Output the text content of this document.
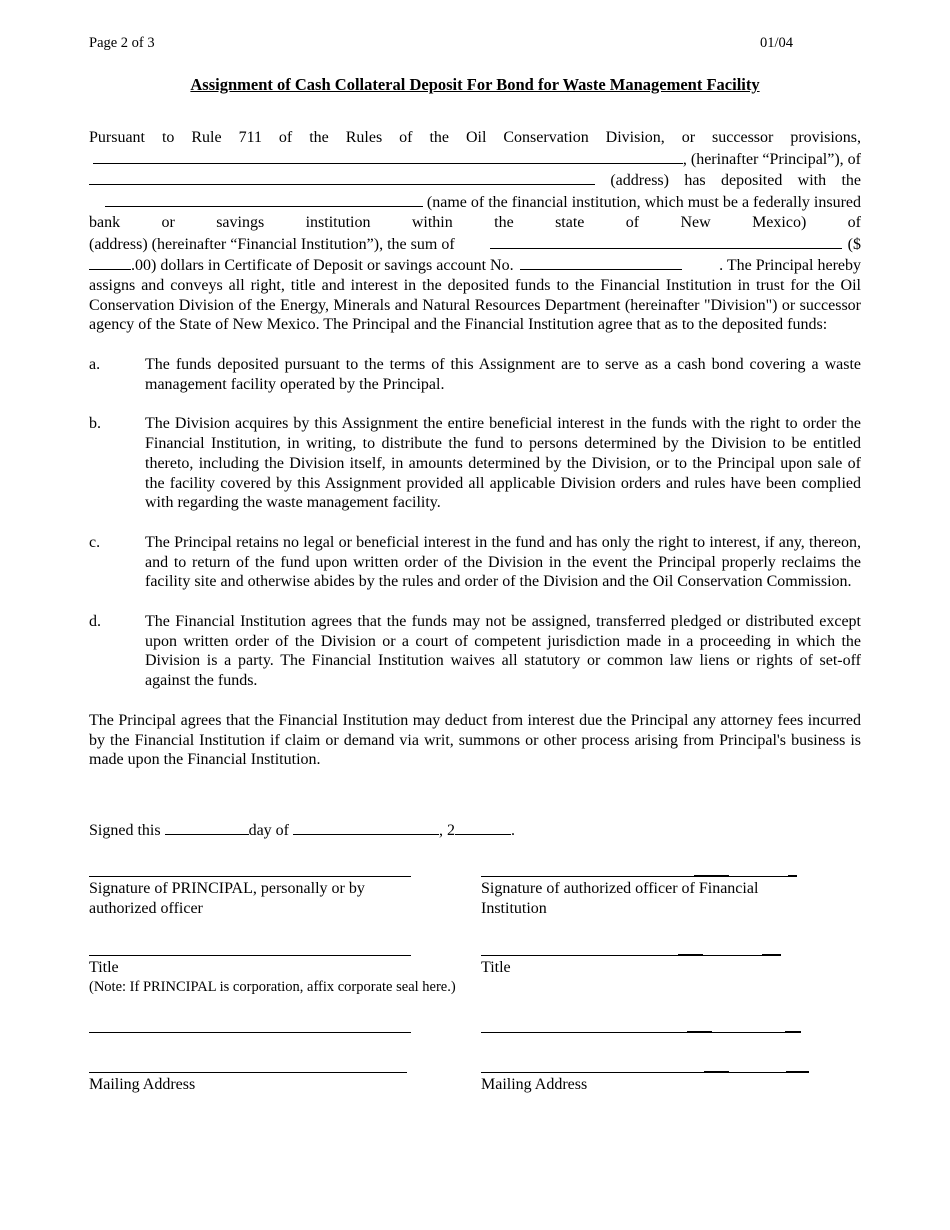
Page 2 of 3	01/04
Assignment of Cash Collateral Deposit For Bond for Waste Management Facility
Pursuant to Rule 711 of the Rules of the Oil Conservation Division, or successor provisions,
, (herinafter “Principal”), of
(address) has deposited with the
(name of the financial institution, which must be a federally insured
bank or savings institution within the state of New Mexico) of
(address) (hereinafter “Financial Institution”), the sum of	($
.00) dollars in Certificate of Deposit or savings account No.	. The Principal hereby

assigns and conveys all right, title and interest in the deposited funds to the Financial Institution in trust for the Oil Conservation Division of the Energy, Minerals and Natural Resources Department (hereinafter "Division") or successor agency of the State of New Mexico. The Principal and the Financial Institution agree that as to the deposited funds:

a.	The funds deposited pursuant to the terms of this Assignment are to serve as a cash bond covering a waste management facility operated by the Principal.
b.	The Division acquires by this Assignment the entire beneficial interest in the funds with the right to order the Financial Institution, in writing, to distribute the fund to persons determined by the Division to be entitled thereto, including the Division itself, in amounts determined by the Division, or to the Principal upon sale of the facility covered by this Assignment provided all applicable Division orders and rules have been complied with regarding the waste management facility.
c.	The Principal retains no legal or beneficial interest in the fund and has only the right to interest, if any, thereon, and to return of the fund upon written order of the Division in the event the Principal properly reclaims the facility site and otherwise abides by the rules and order of the Division and the Oil Conservation Commission.
d.	The Financial Institution agrees that the funds may not be assigned, transferred pledged or distributed except upon written order of the Division or a court of competent jurisdiction made in a proceeding in which the Division is a party. The Financial Institution waives all statutory or common law liens or rights of set-off against the funds.

The Principal agrees that the Financial Institution may deduct from interest due the Principal any attorney fees incurred by the Financial Institution if claim or demand via writ, summons or other process arising from Principal's business is made upon the Financial Institution.

Signed this	day of	, 2	.
Signature of PRINCIPAL, personally or by authorized officer
Signature of authorized officer of Financial Institution
Title	Title
(Note: If PRINCIPAL is corporation, affix corporate seal here.)
Mailing Address	Mailing Address
